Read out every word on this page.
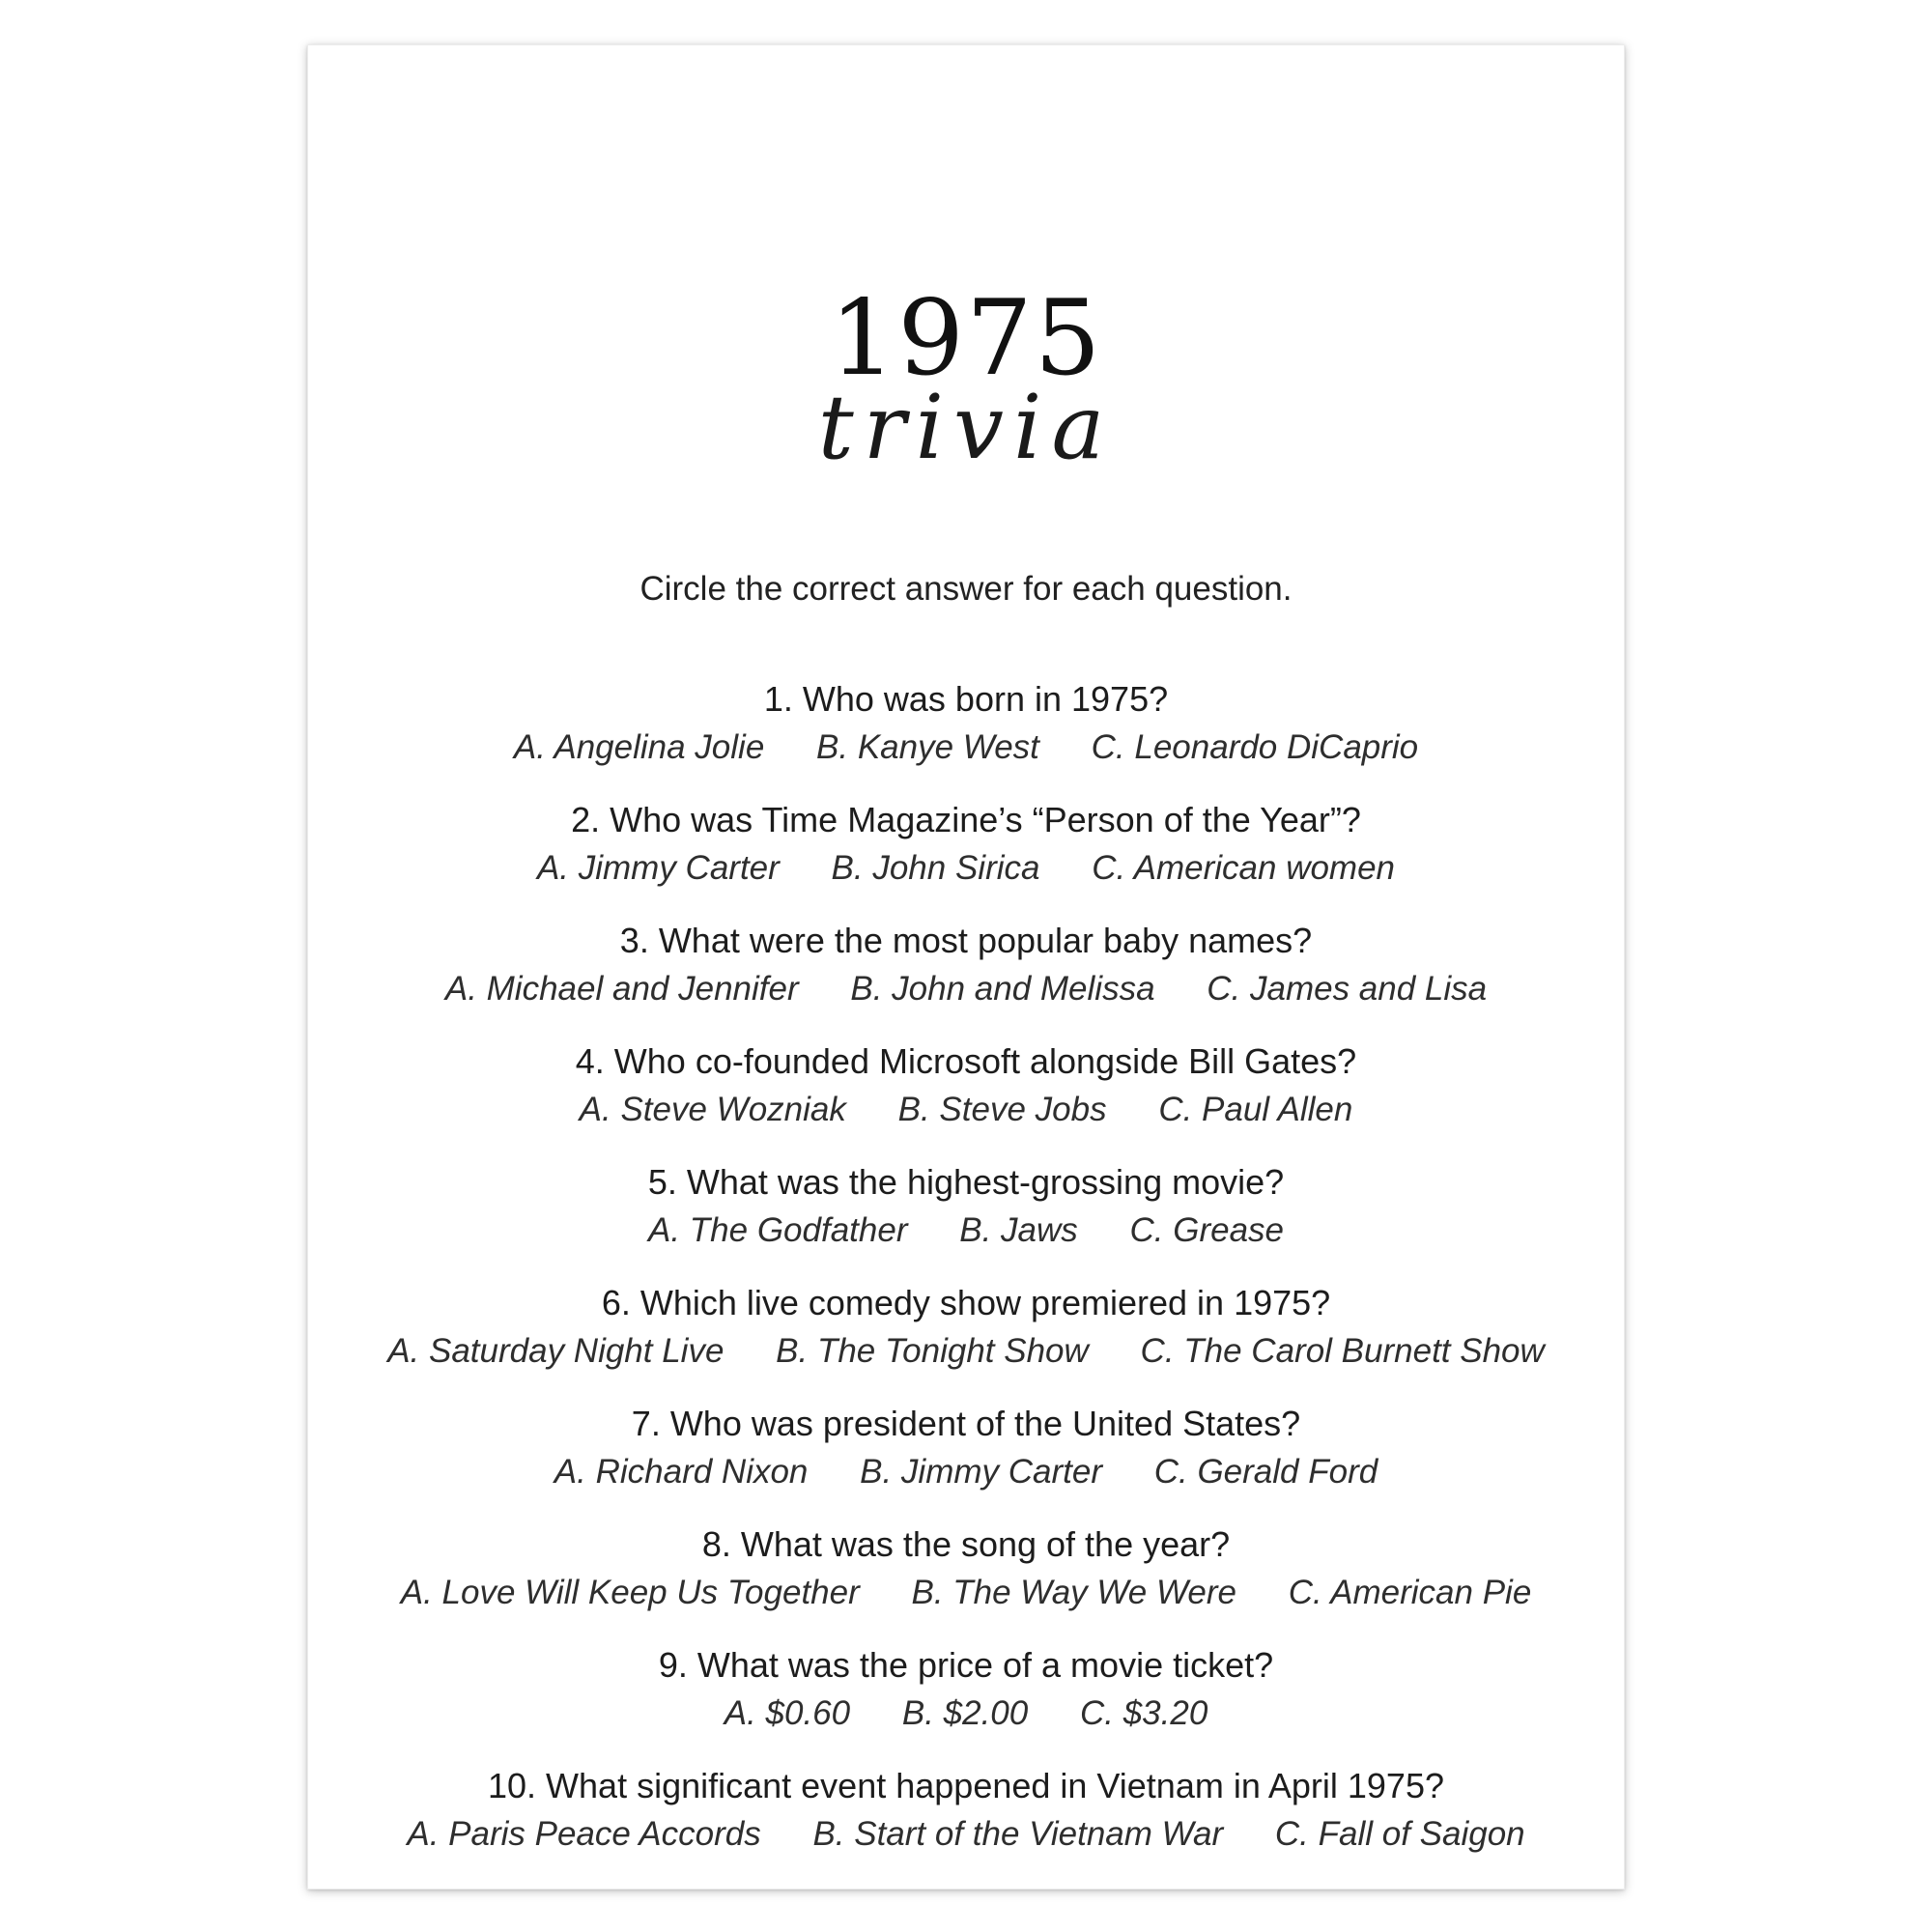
1975
trivia
Circle the correct answer for each question.
1. Who was born in 1975?
A. Angelina Jolie B. Kanye West C. Leonardo DiCaprio
2. Who was Time Magazine’s “Person of the Year”?
A. Jimmy Carter B. John Sirica C. American women
3. What were the most popular baby names?
A. Michael and Jennifer B. John and Melissa C. James and Lisa
4. Who co-founded Microsoft alongside Bill Gates?
A. Steve Wozniak B. Steve Jobs C. Paul Allen
5. What was the highest-grossing movie?
A. The Godfather B. Jaws C. Grease
6. Which live comedy show premiered in 1975?
A. Saturday Night Live B. The Tonight Show C. The Carol Burnett Show
7. Who was president of the United States?
A. Richard Nixon B. Jimmy Carter C. Gerald Ford
8. What was the song of the year?
A. Love Will Keep Us Together B. The Way We Were C. American Pie
9. What was the price of a movie ticket?
A. $0.60 B. $2.00 C. $3.20
10. What significant event happened in Vietnam in April 1975?
A. Paris Peace Accords B. Start of the Vietnam War C. Fall of Saigon
